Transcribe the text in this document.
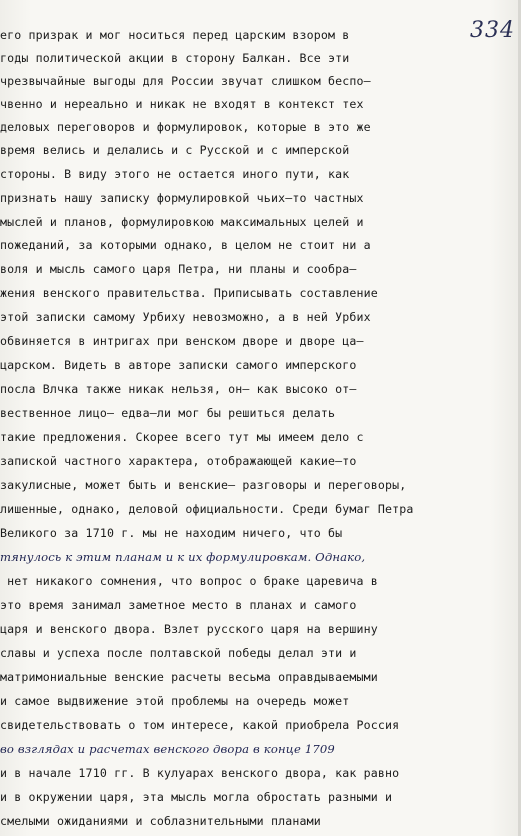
334
его призрак и мог носиться перед царским взором в
годы политической акции в сторону Балкан. Все эти
чрезвычайные выгоды для России звучат слишком беспо–
чвенно и нереально и никак не входят в контекст тех
деловых переговоров и формулировок, которые в это же
время велись и делались и с Русской и с имперской
стороны. В виду этого не остается иного пути, как
признать нашу записку формулировкой чьих–то частных
мыслей и планов, формулировкою максимальных целей и
пожеданий, за которыми однако, в целом не стоит ни а
воля и мысль самого царя Петра, ни планы и сообра–
жения венского правительства. Приписывать составление
этой записки самому Урбиху невозможно, а в ней Урбих
обвиняется в интригах при венском дворе и дворе ца–
царском. Видеть в авторе записки самого имперского
посла Влчка также никак нельзя, он– как высоко от–
вественное лицо– едва–ли мог бы решиться делать
такие предложения. Скорее всего тут мы имеем дело с
запиской частного характера, отображающей какие–то
закулисные, может быть и венские– разговоры и переговоры,
лишенные, однако, деловой официальности. Среди бумаг Петра
Великого за 1710 г. мы не находим ничего, что бы
тянулось к этим планам и к их формулировкам. Однако,
нет никакого сомнения, что вопрос о браке царевича в
это время занимал заметное место в планах и самого
царя и венского двора. Взлет русского царя на вершину
славы и успеха после полтавской победы делал эти и
матримониальные венские расчеты весьма оправдываемыми
и самое выдвижение этой проблемы на очередь может
свидетельствовать о том интересе, какой приобрела Россия
во взглядах и расчетах венского двора в конце 1709
и в начале 1710 гг. В кулуарах венского двора, как равно
и в окружении царя, эта мысль могла обростать разными и
смелыми ожиданиями и соблазнительными планами
